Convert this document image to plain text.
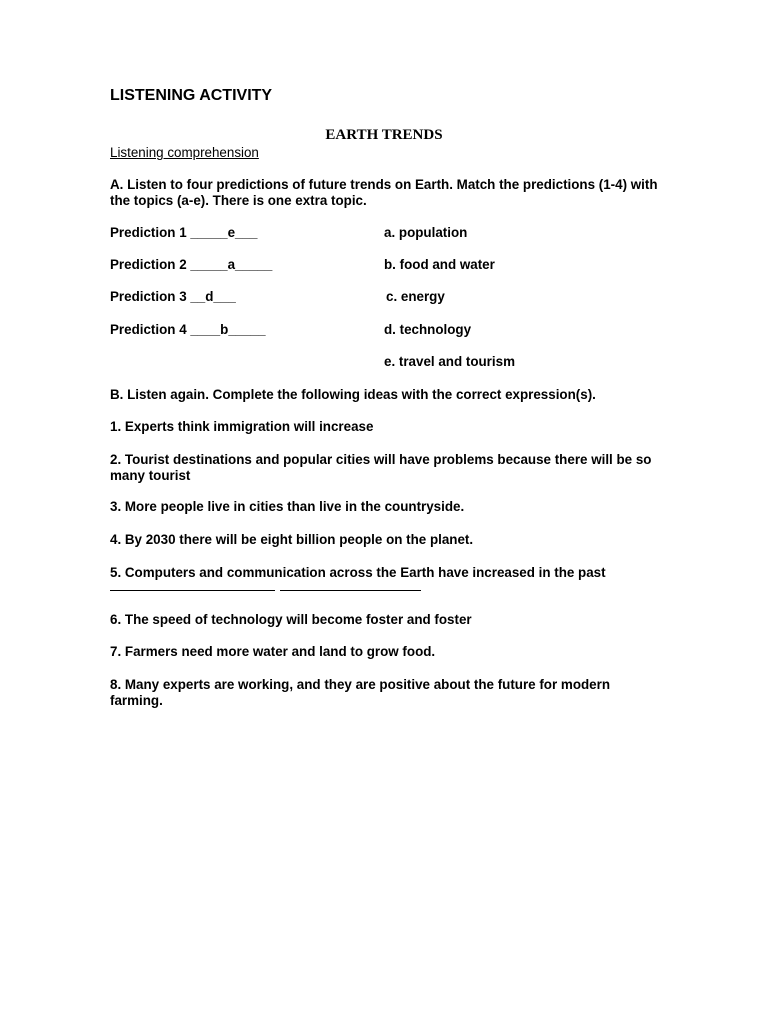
LISTENING ACTIVITY
EARTH TRENDS
Listening comprehension
A. Listen to four predictions of future trends on Earth. Match the predictions (1-4) with the topics (a-e). There is one extra topic.
Prediction 1 _____e___
Prediction 2 _____a_____
Prediction 3 __d___
Prediction 4 ____b_____
a. population
b. food and water
c. energy
d. technology
e. travel and tourism
B. Listen again. Complete the following ideas with the correct expression(s).
1. Experts think immigration will increase
2. Tourist destinations and popular cities will have problems because there will be so many tourist
3. More people live in cities than live in the countryside.
4. By 2030 there will be eight billion people on the planet.
5. Computers and communication across the Earth have increased in the past
6. The speed of technology will become foster and foster
7. Farmers need more water and land to grow food.
8. Many experts are working, and they are positive about the future for modern farming.
